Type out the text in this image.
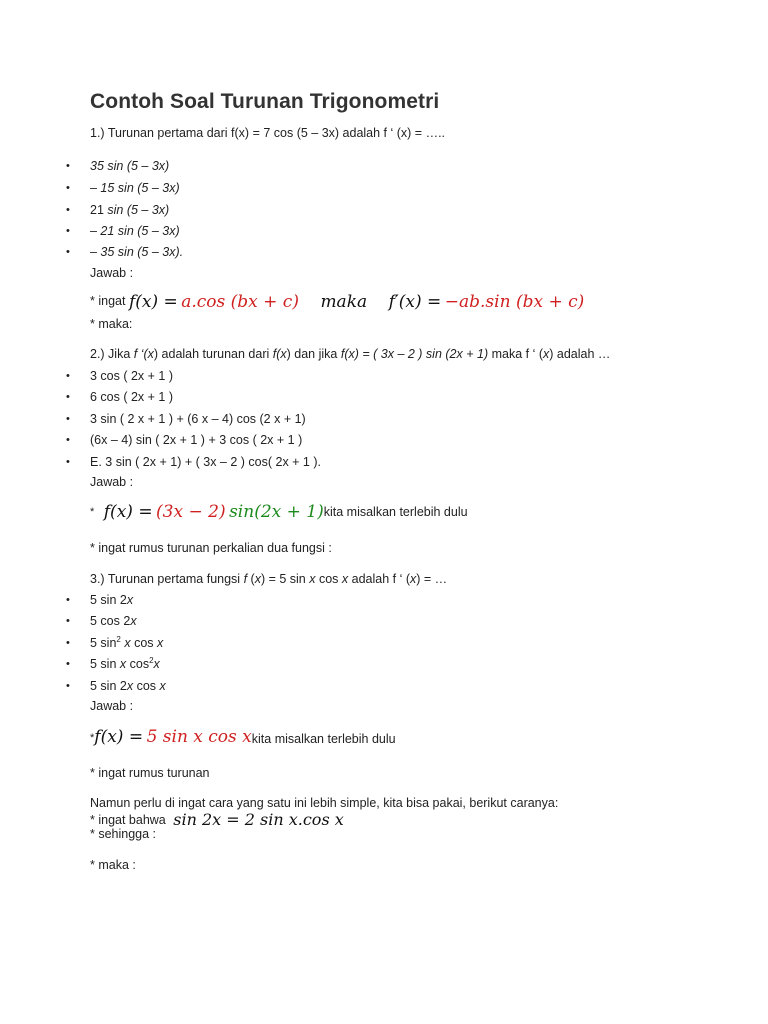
Contoh Soal Turunan Trigonometri
1.) Turunan pertama dari f(x) = 7 cos (5 – 3x) adalah f ‘ (x) = …..
• 35 sin (5 – 3x)
• – 15 sin (5 – 3x)
• 21 sin (5 – 3x)
• – 21 sin (5 – 3x)
• – 35 sin (5 – 3x).
Jawab :
* ingat f(x) = a.cos (bx + c) maka f′(x) = −ab.sin (bx + c)
* maka:
2.) Jika f ‘(x) adalah turunan dari f(x) dan jika f(x) = ( 3x – 2 ) sin (2x + 1) maka f ‘ (x) adalah …
• 3 cos ( 2x + 1 )
• 6 cos ( 2x + 1 )
• 3 sin ( 2 x + 1 ) + (6 x – 4) cos (2 x + 1)
• (6x – 4) sin ( 2x + 1 ) + 3 cos ( 2x + 1 )
• E. 3 sin ( 2x + 1) + ( 3x – 2 ) cos( 2x + 1 ).
Jawab :
* f(x) = (3x − 2) sin(2x + 1)kita misalkan terlebih dulu
* ingat rumus turunan perkalian dua fungsi :
3.) Turunan pertama fungsi f (x) = 5 sin x cos x adalah f ‘ (x) = …
• 5 sin 2x
• 5 cos 2x
• 5 $\sin^2 x$ cos x
• 5 sin x $\cos^2x$
• 5 sin 2x cos x
Jawab :
*f(x) = 5 sin x cos xkita misalkan terlebih dulu
* ingat rumus turunan
Namun perlu di ingat cara yang satu ini lebih simple, kita bisa pakai, berikut caranya:
* ingat bahwa sin 2x = 2 sin x.cos x
* sehingga :
* maka :
